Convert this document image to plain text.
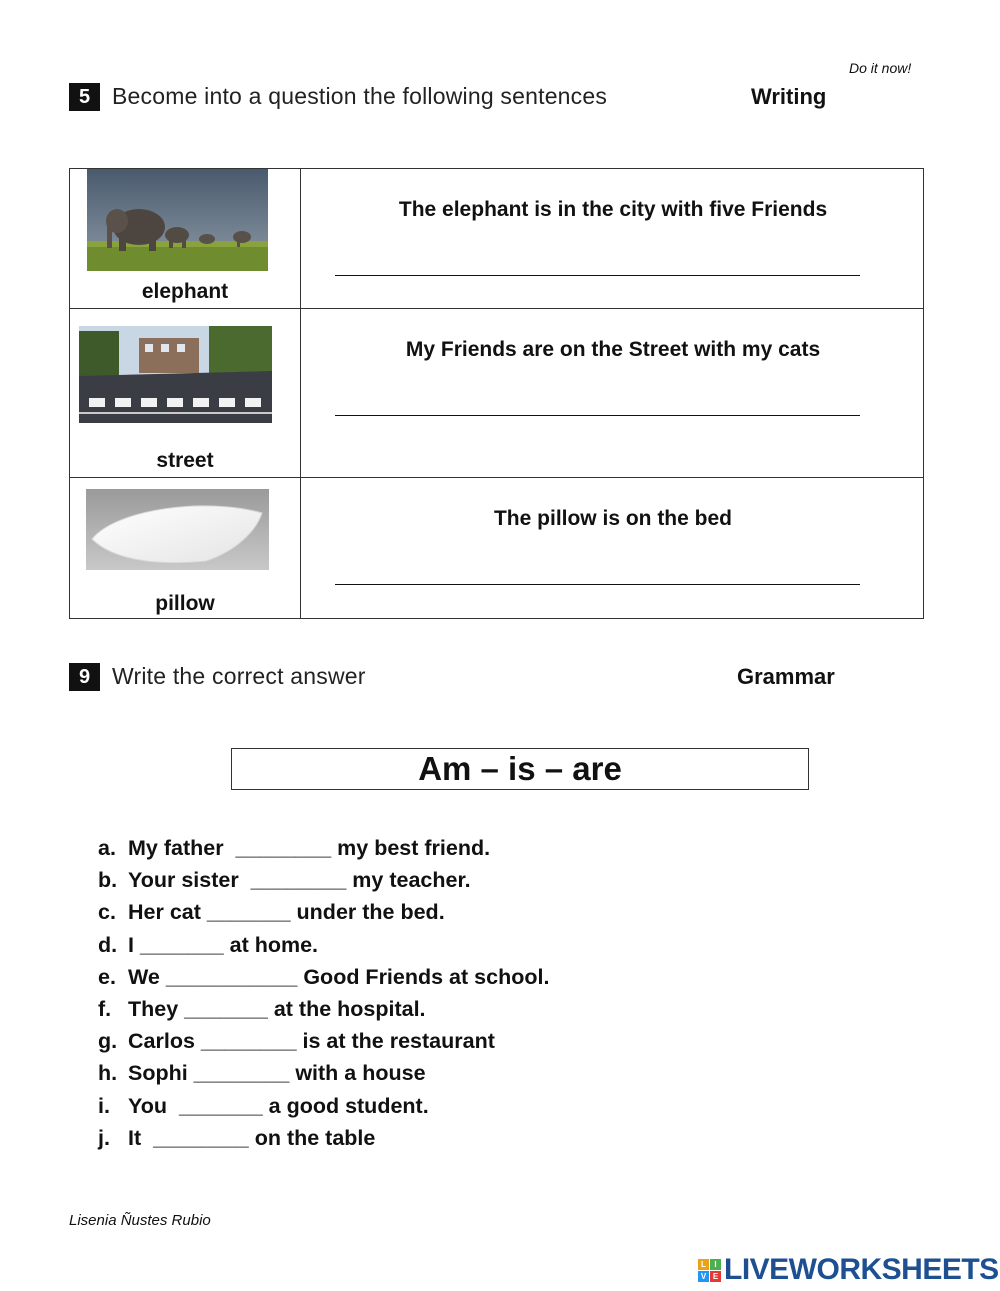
Do it now!
5 Become into a question the following sentences	Writing
elephant	The elephant is in the city with five Friends

street	My Friends are on the Street with my cats

pillow	The pillow is on the bed
9 Write the correct answer	Grammar
Am – is – are
a. My father  ________ my best friend.
b. Your sister  ________ my teacher.
c. Her cat _______ under the bed.
d. I _______ at home.
e. We ___________ Good Friends at school.
f. They _______ at the hospital.
g. Carlos ________ is at the restaurant
h. Sophi ________ with a house
i. You  _______ a good student.
j. It  ________ on the table
Lisenia Ñustes Rubio
L	I
V E LIVEWORKSHEETS
